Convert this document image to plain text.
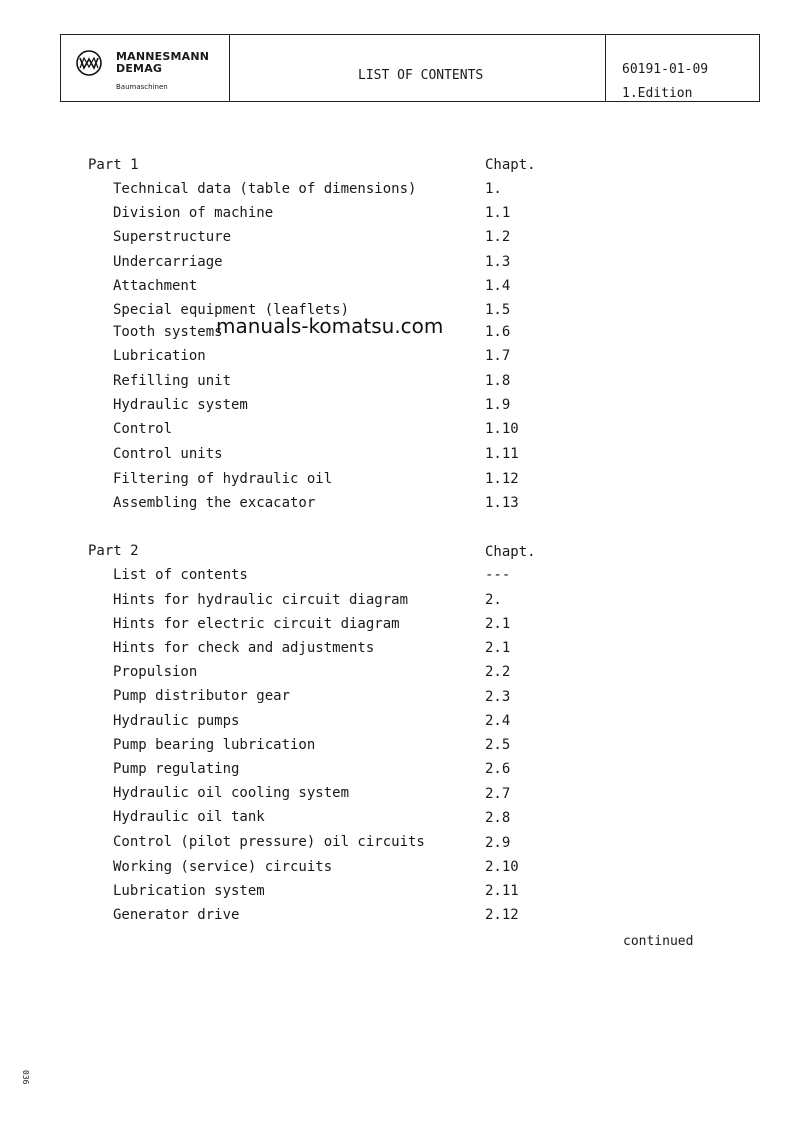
MANNESMANN
DEMAG
Baumaschinen
LIST OF CONTENTS	60191-01-09
1.Edition
Part 1	Chapt.
Technical data (table of dimensions)	1.
Division of machine	1.1
Superstructure	1.2
Undercarriage	1.3
Attachment	1.4
Special equipment (leaflets)	1.5
Tooth systems	1.6
Lubrication	1.7
Refilling unit	1.8
Hydraulic system	1.9
Control	1.10
Control units	1.11
Filtering of hydraulic oil	1.12
Assembling the excacator	1.13
Part 2	Chapt.
List of contents	---
Hints for hydraulic circuit diagram	2.
Hints for electric circuit diagram	2.1
Hints for check and adjustments	2.1
Propulsion	2.2
Pump distributor gear	2.3
Hydraulic pumps	2.4
Pump bearing lubrication	2.5
Pump regulating	2.6
Hydraulic oil cooling system	2.7
Hydraulic oil tank	2.8
Control (pilot pressure) oil circuits	2.9
Working (service) circuits	2.10
Lubrication system	2.11
Generator drive	2.12
manuals-komatsu.com
continued
036
